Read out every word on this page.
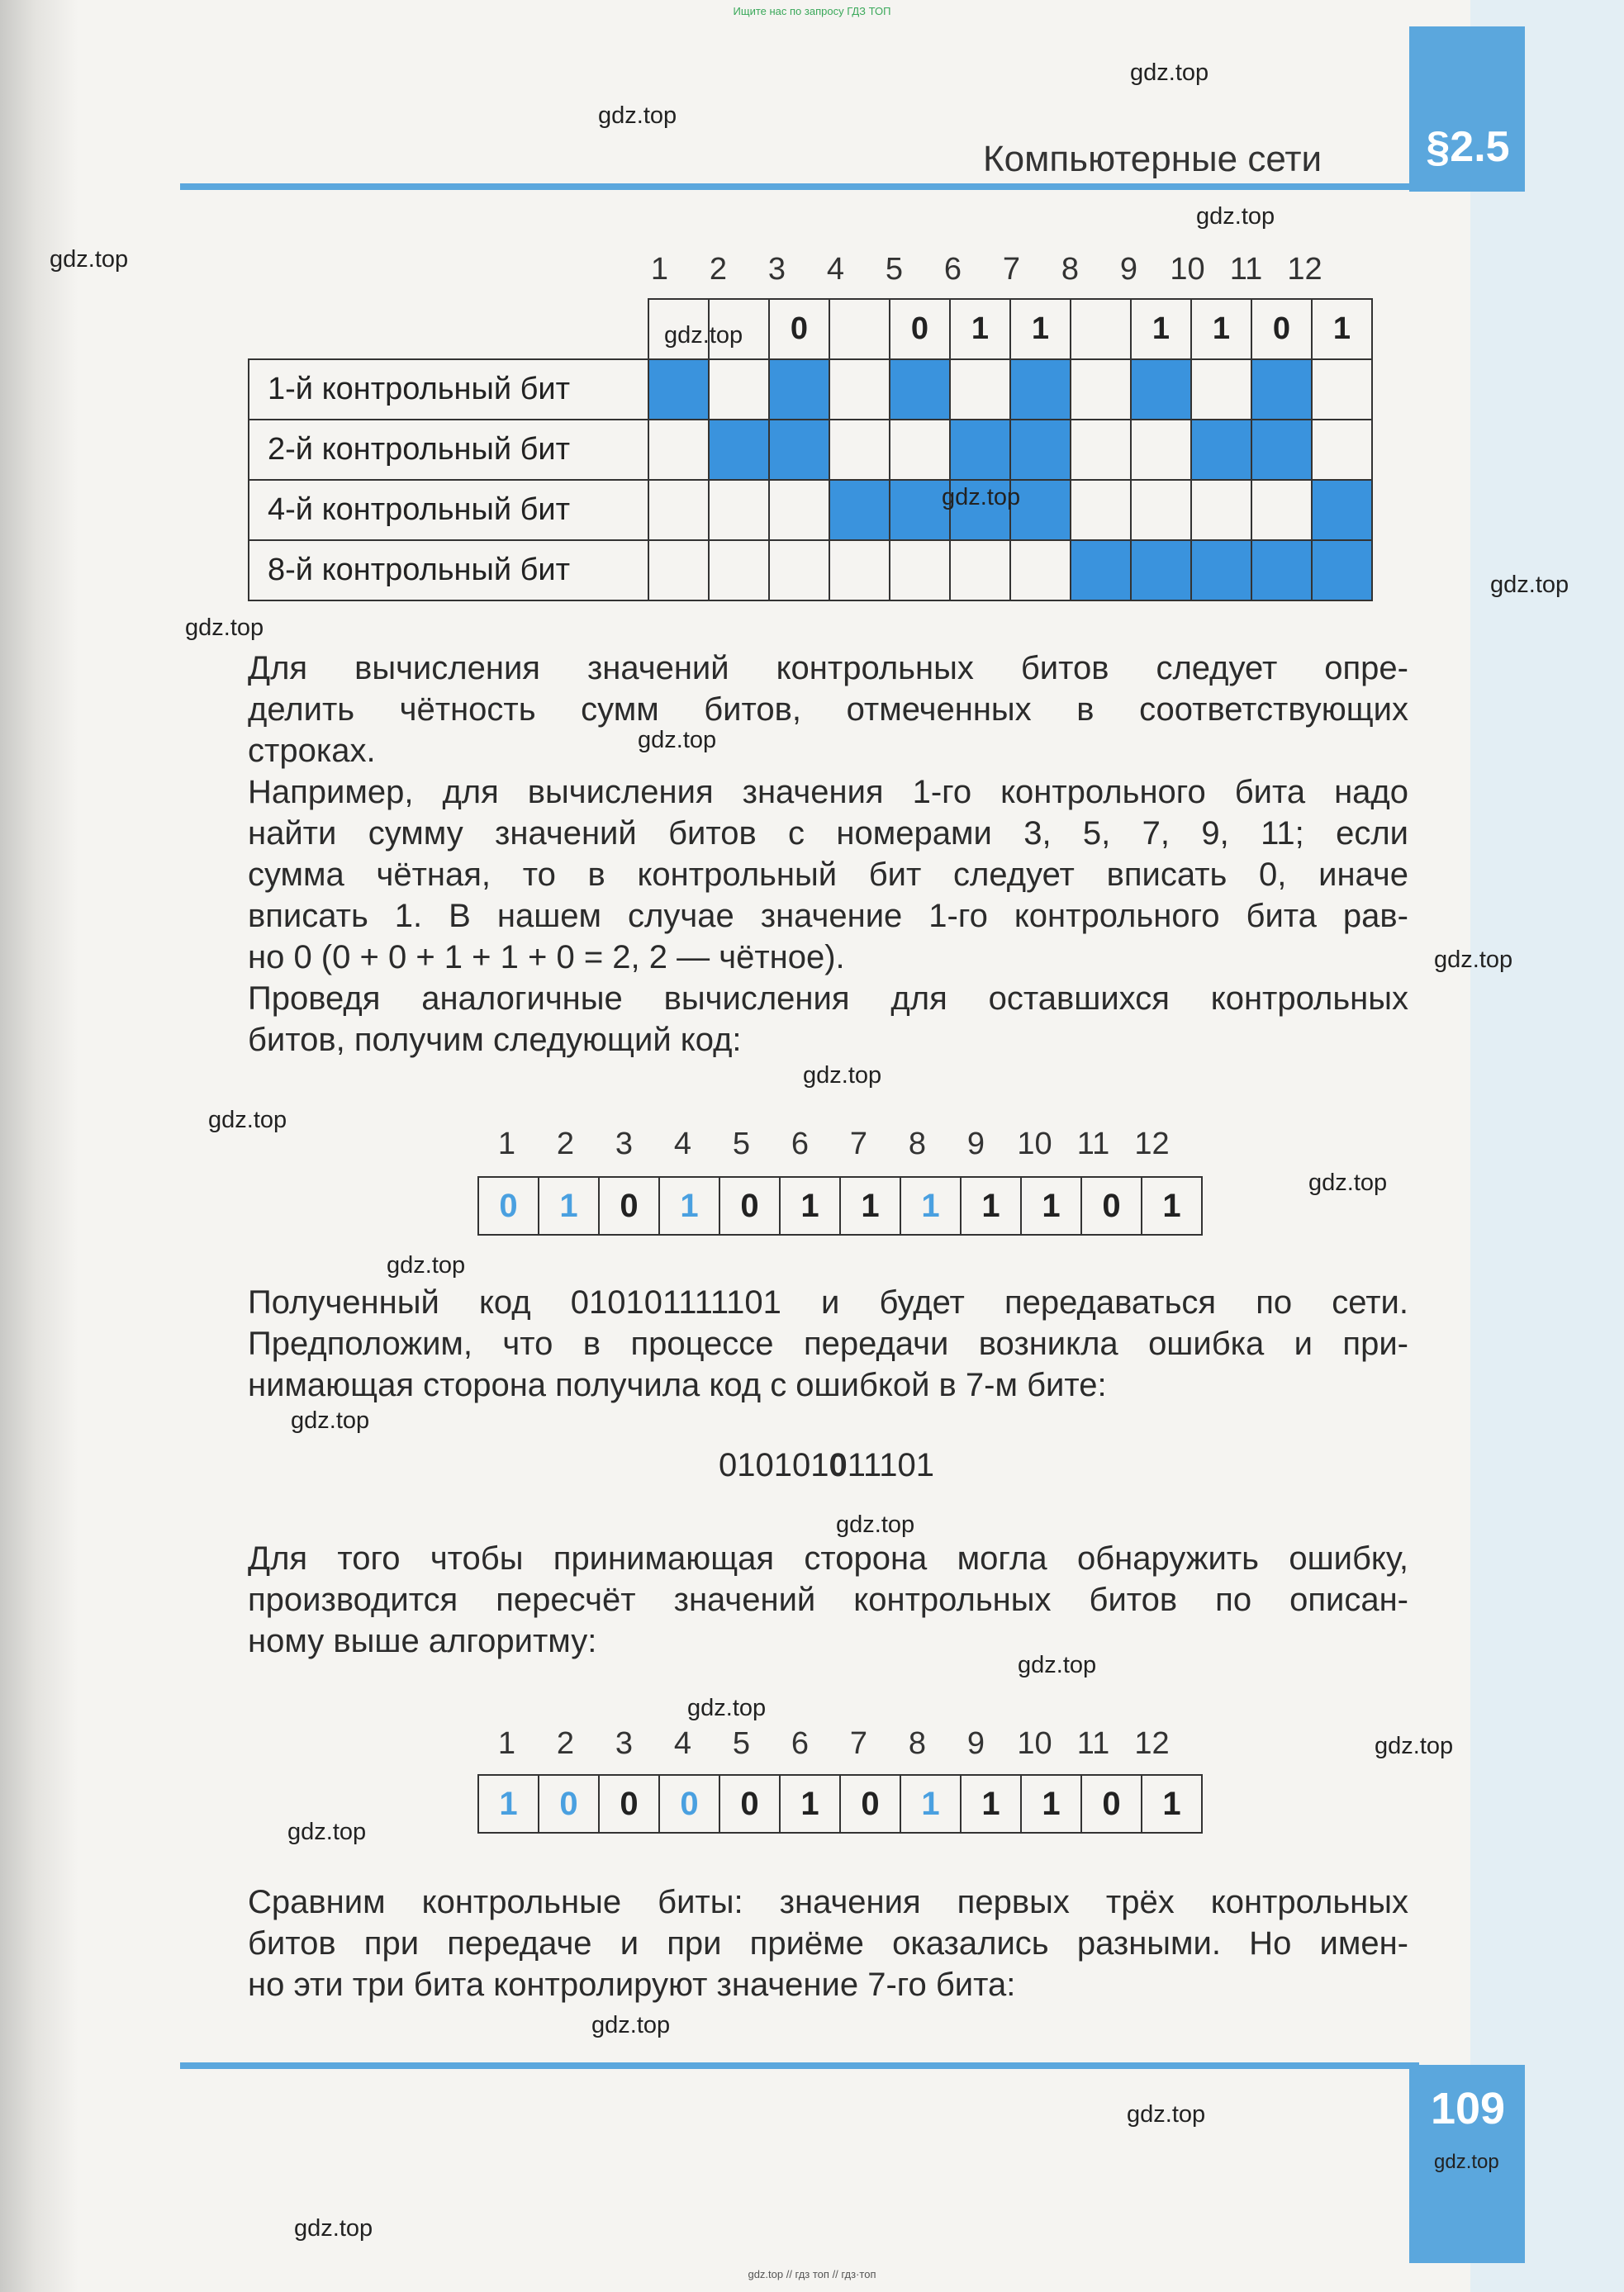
§2.5
109
Компьютерные сети
Ищите нас по запросу ГДЗ ТОП
gdz.top // гдз топ // гдз·топ
1	2	3	4	5	6	7	8	9	10 11 12
			0		0	1	1		1	1	0	1
1-й контрольный бит												
2-й контрольный бит												
4-й контрольный бит												
8-й контрольный бит												
Для вычисления значений контрольных битов следует опре-
делить чётность сумм битов, отмеченных в соответствующих
строках.
Например, для вычисления значения 1-го контрольного бита надо
найти сумму значений битов с номерами 3, 5, 7, 9, 11; если
сумма чётная, то в контрольный бит следует вписать 0, иначе
вписать 1. В нашем случае значение 1-го контрольного бита рав-
но 0 (0 + 0 + 1 + 1 + 0 = 2, 2 — чётное).
Проведя аналогичные вычисления для оставшихся контрольных
битов, получим следующий код:
1	2	3	4	5	6	7	8	9	10 11 12
0	1	0	1	0	1	1	1	1	1	0	1
Полученный код 010101111101 и будет передаваться по сети.
Предположим, что в процессе передачи возникла ошибка и при-
нимающая сторона получила код с ошибкой в 7-м бите:
010101011101
Для того чтобы принимающая сторона могла обнаружить ошибку,
производится пересчёт значений контрольных битов по описан-
ному выше алгоритму:
1	2	3	4	5	6	7	8	9	10 11 12
1	0	0	0	0	1	0	1	1	1	0	1
Сравним контрольные биты: значения первых трёх контрольных
битов при передаче и при приёме оказались разными. Но имен-
но эти три бита контролируют значение 7-го бита:
gdz.top
gdz.top
gdz.top
gdz.top
gdz.top
gdz.top
gdz.top
gdz.top
gdz.top
gdz.top
gdz.top
gdz.top
gdz.top
gdz.top
gdz.top
gdz.top
gdz.top
gdz.top
gdz.top
gdz.top
gdz.top
gdz.top
gdz.top
gdz.top
